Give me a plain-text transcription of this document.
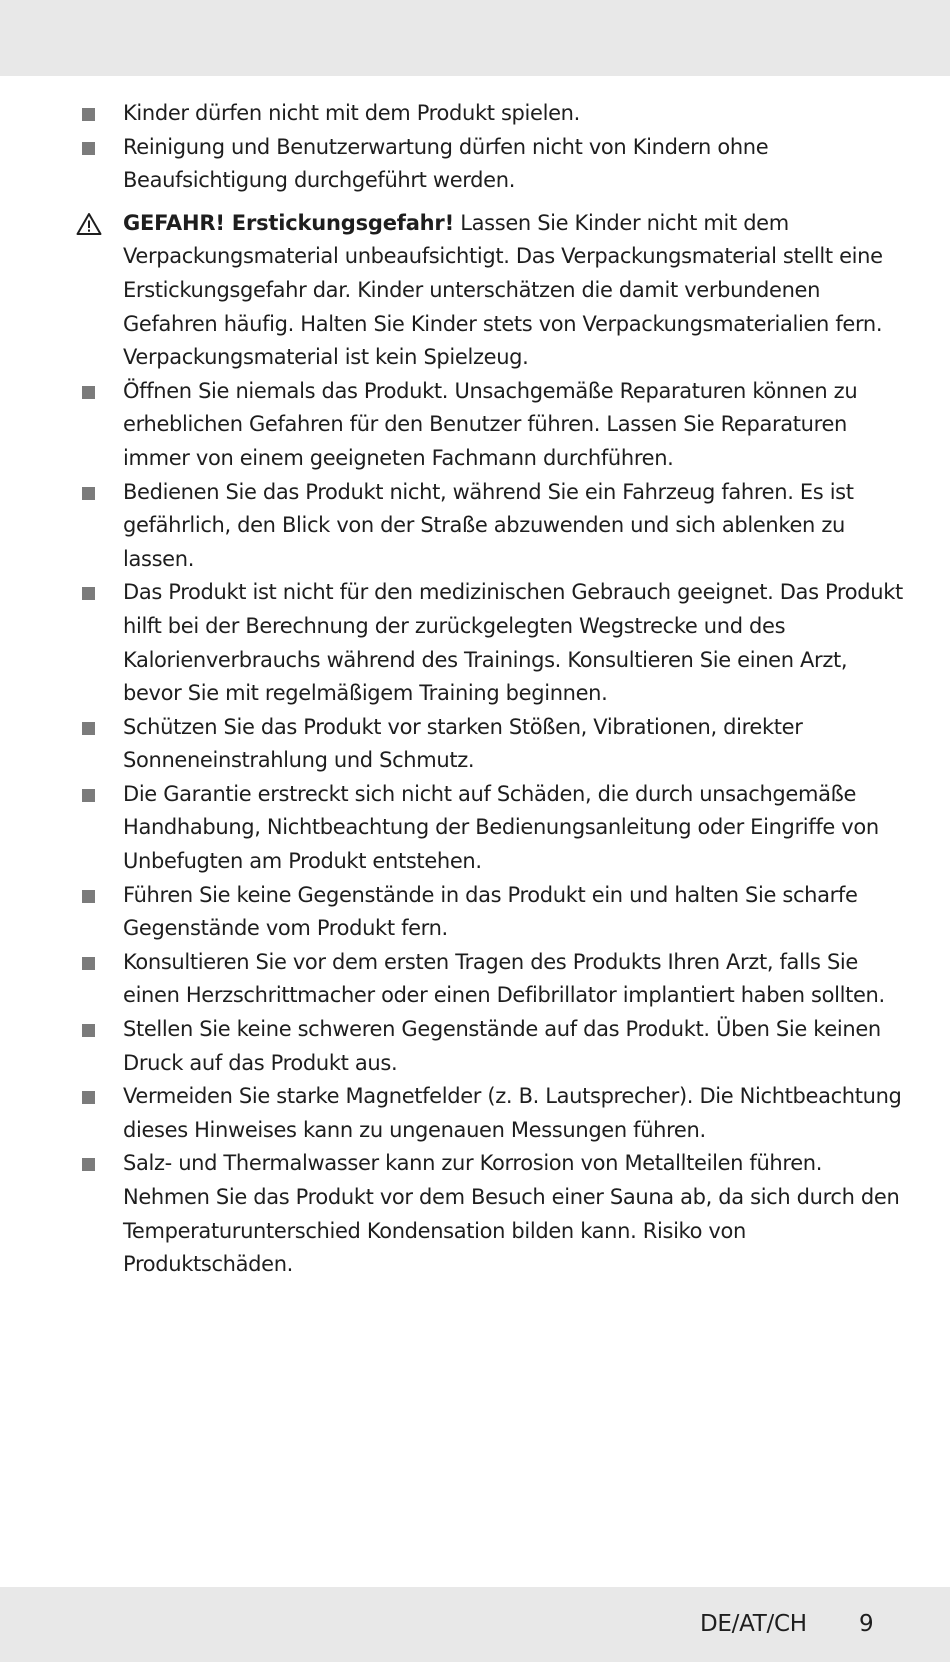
Kinder dürfen nicht mit dem Produkt spielen.
Reinigung und Benutzerwartung dürfen nicht von Kindern ohne Beaufsichtigung durchgeführt werden.
GEFAHR! Erstickungsgefahr! Lassen Sie Kinder nicht mit dem Verpackungsmaterial unbeaufsichtigt. Das Verpackungsmaterial stellt eine Erstickungsgefahr dar. Kinder unterschätzen die damit verbundenen Gefahren häufig. Halten Sie Kinder stets von Verpackungsmaterialien fern. Verpackungsmaterial ist kein Spielzeug.
Öffnen Sie niemals das Produkt. Unsachgemäße Reparaturen können zu erheblichen Gefahren für den Benutzer führen. Lassen Sie Reparaturen immer von einem geeigneten Fachmann durchführen.
Bedienen Sie das Produkt nicht, während Sie ein Fahrzeug fahren. Es ist gefährlich, den Blick von der Straße abzuwenden und sich ablenken zu lassen.
Das Produkt ist nicht für den medizinischen Gebrauch geeignet. Das Produkt hilft bei der Berechnung der zurückgelegten Wegstrecke und des Kalorienverbrauchs während des Trainings. Konsultieren Sie einen Arzt, bevor Sie mit regelmäßigem Training beginnen.
Schützen Sie das Produkt vor starken Stößen, Vibrationen, direkter Sonneneinstrahlung und Schmutz.
Die Garantie erstreckt sich nicht auf Schäden, die durch unsachgemäße Handhabung, Nichtbeachtung der Bedienungsanleitung oder Eingriffe von Unbefugten am Produkt entstehen.
Führen Sie keine Gegenstände in das Produkt ein und halten Sie scharfe Gegenstände vom Produkt fern.
Konsultieren Sie vor dem ersten Tragen des Produkts Ihren Arzt, falls Sie einen Herzschrittmacher oder einen Defibrillator implantiert haben sollten.
Stellen Sie keine schweren Gegenstände auf das Produkt. Üben Sie keinen Druck auf das Produkt aus.
Vermeiden Sie starke Magnetfelder (z. B. Lautsprecher). Die Nichtbeachtung dieses Hinweises kann zu ungenauen Messungen führen.
Salz- und Thermalwasser kann zur Korrosion von Metallteilen führen. Nehmen Sie das Produkt vor dem Besuch einer Sauna ab, da sich durch den Temperaturunterschied Kondensation bilden kann. Risiko von Produktschäden.
DE/AT/CH 9
